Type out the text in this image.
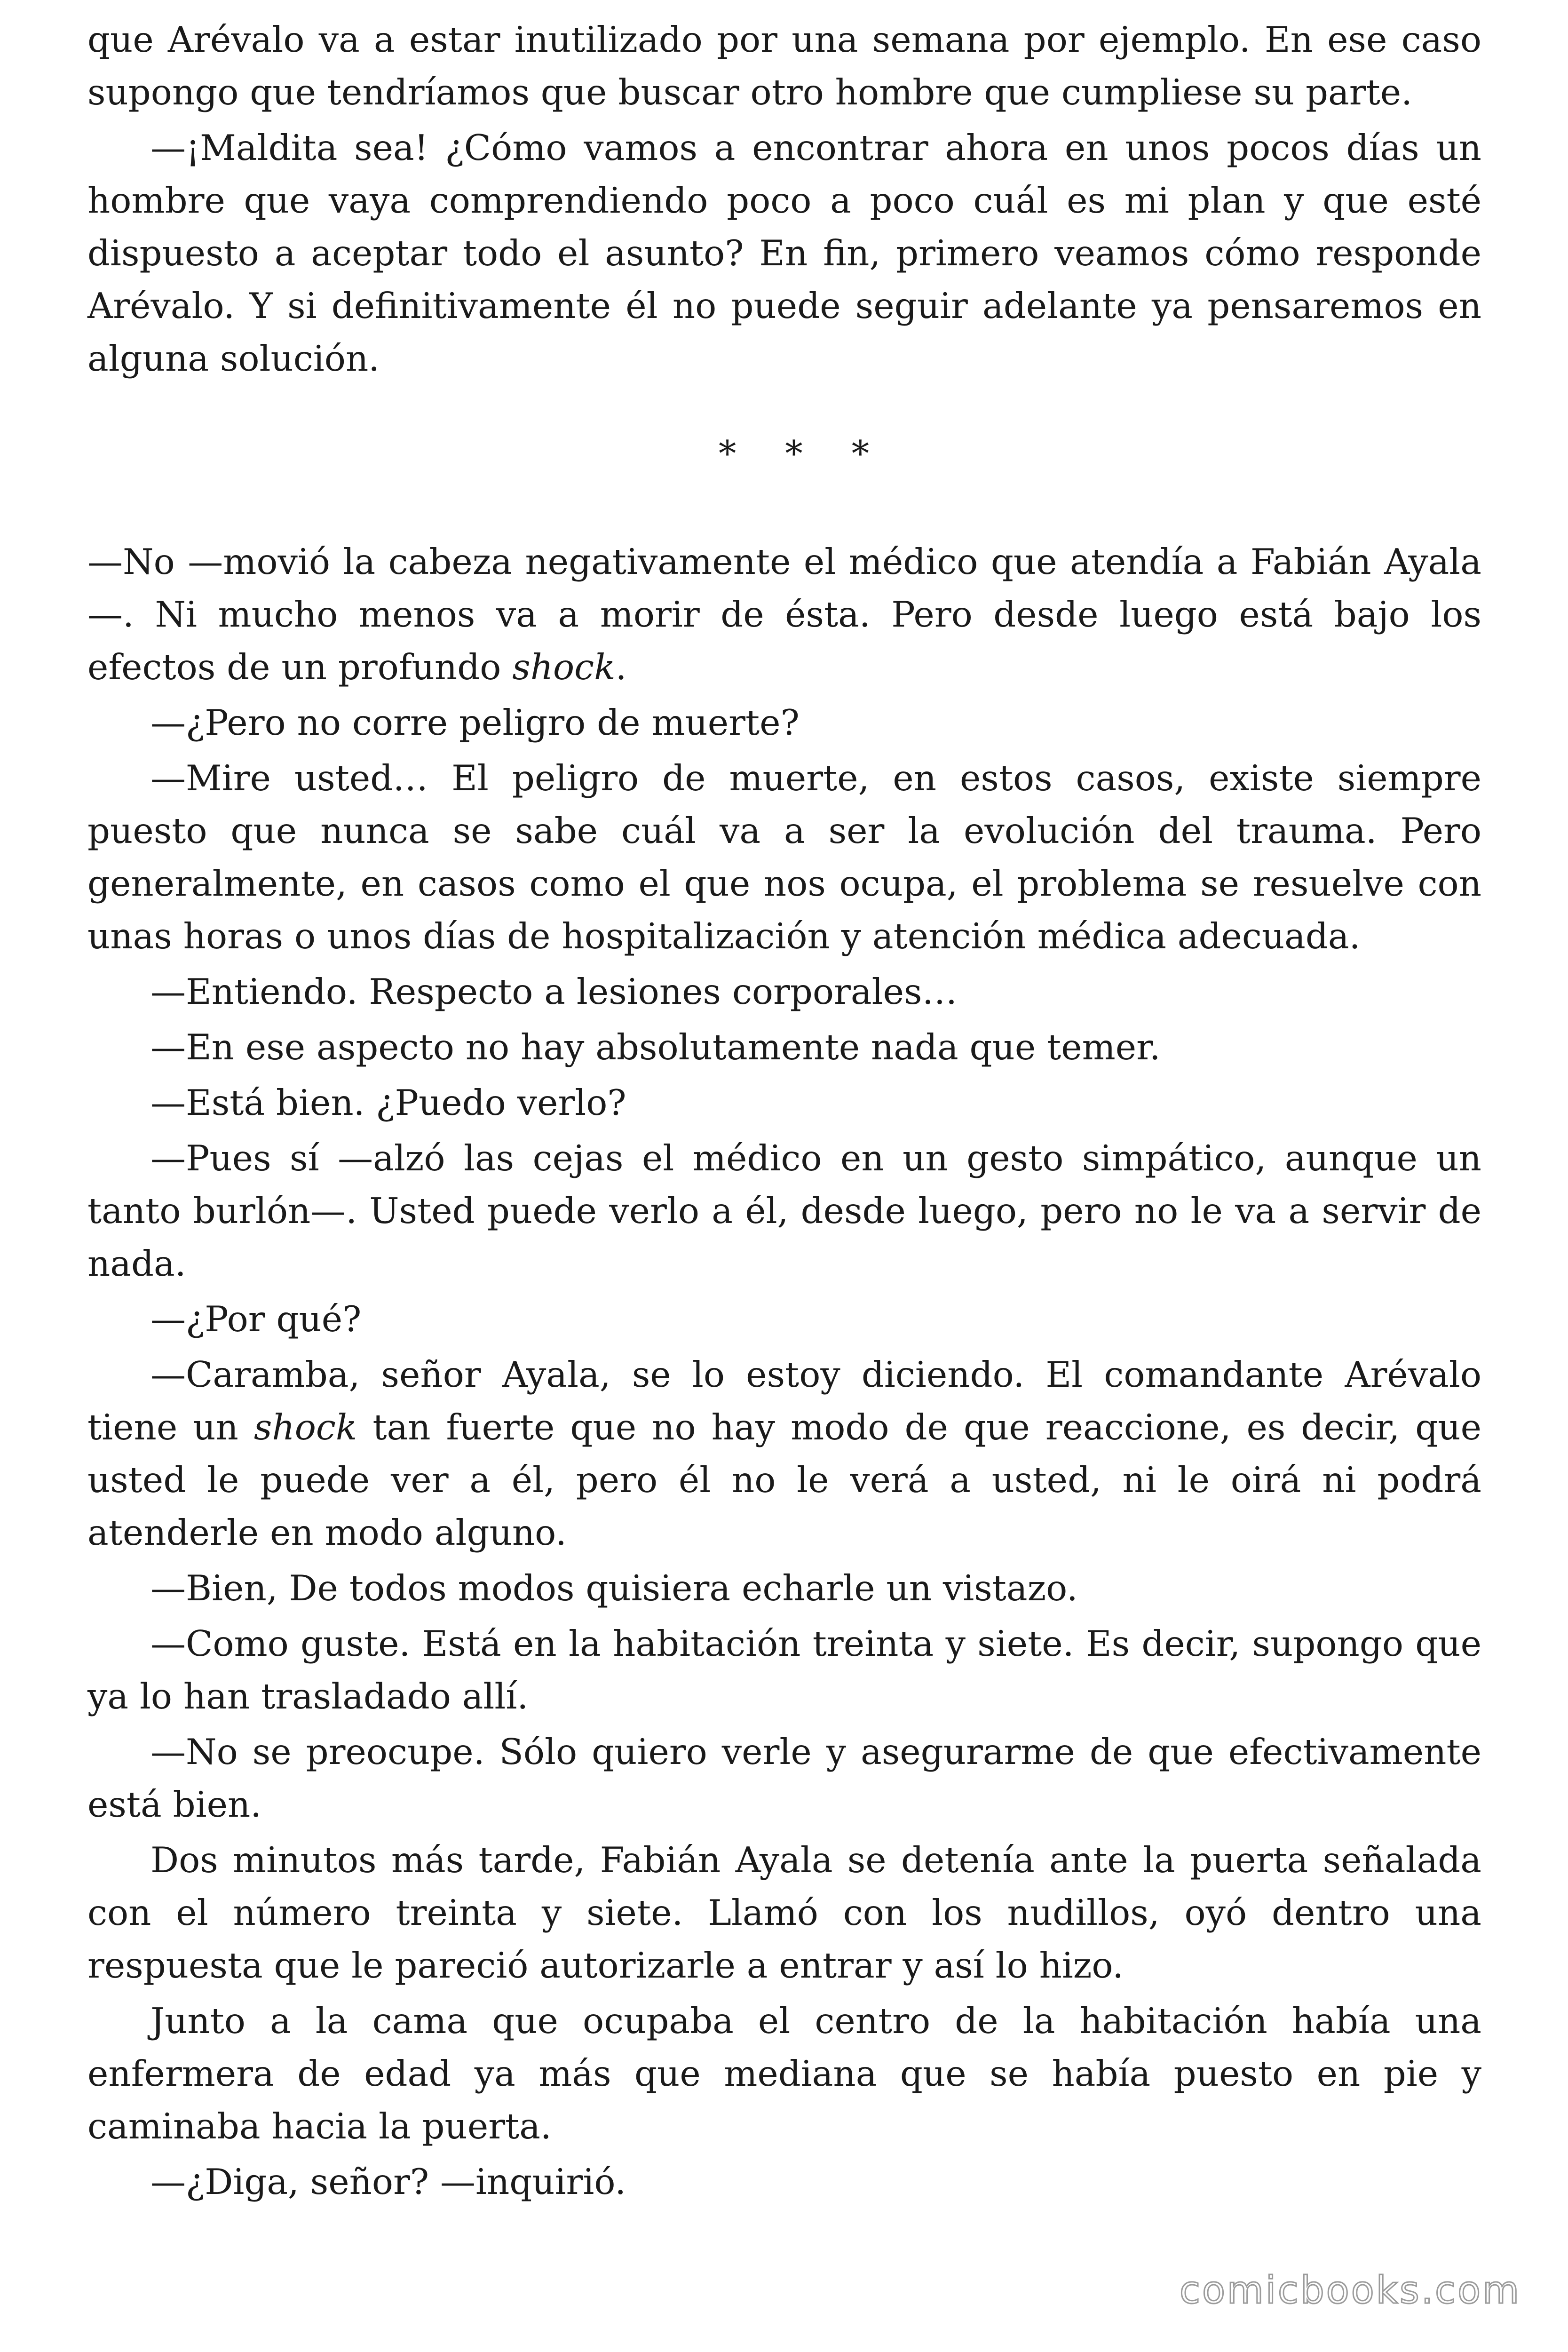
que Arévalo va a estar inutilizado por una semana por ejemplo. En ese caso supongo que tendríamos que buscar otro hombre que cumpliese su parte.

—¡Maldita sea! ¿Cómo vamos a encontrar ahora en unos pocos días un hombre que vaya comprendiendo poco a poco cuál es mi plan y que esté dispuesto a aceptar todo el asunto? En fin, primero veamos cómo responde Arévalo. Y si definitivamente él no puede seguir adelante ya pensaremos en alguna solución.

* * *

—No —movió la cabeza negativamente el médico que atendía a Fabián Ayala—. Ni mucho menos va a morir de ésta. Pero desde luego está bajo los efectos de un profundo shock.

—¿Pero no corre peligro de muerte?

—Mire usted… El peligro de muerte, en estos casos, existe siempre puesto que nunca se sabe cuál va a ser la evolución del trauma. Pero generalmente, en casos como el que nos ocupa, el problema se resuelve con unas horas o unos días de hospitalización y atención médica adecuada.

—Entiendo. Respecto a lesiones corporales…

—En ese aspecto no hay absolutamente nada que temer.

—Está bien. ¿Puedo verlo?

—Pues sí —alzó las cejas el médico en un gesto simpático, aunque un tanto burlón—. Usted puede verlo a él, desde luego, pero no le va a servir de nada.

—¿Por qué?

—Caramba, señor Ayala, se lo estoy diciendo. El comandante Arévalo tiene un shock tan fuerte que no hay modo de que reaccione, es decir, que usted le puede ver a él, pero él no le verá a usted, ni le oirá ni podrá atenderle en modo alguno.

—Bien, De todos modos quisiera echarle un vistazo.

—Como guste. Está en la habitación treinta y siete. Es decir, supongo que ya lo han trasladado allí.

—No se preocupe. Sólo quiero verle y asegurarme de que efectivamente está bien.

Dos minutos más tarde, Fabián Ayala se detenía ante la puerta señalada con el número treinta y siete. Llamó con los nudillos, oyó dentro una respuesta que le pareció autorizarle a entrar y así lo hizo.

Junto a la cama que ocupaba el centro de la habitación había una enfermera de edad ya más que mediana que se había puesto en pie y caminaba hacia la puerta.

—¿Diga, señor? —inquirió.

comicbooks.com
